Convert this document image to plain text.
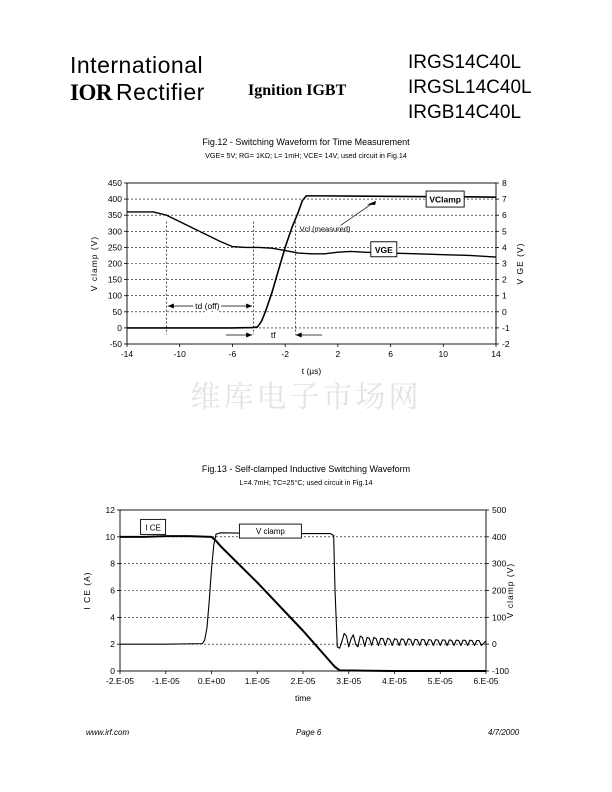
International
IOR Rectifier	Ignition IGBT
IRGS14C40L
IRGSL14C40L
IRGB14C40L
Fig.12 - Switching Waveform for Time Measurement
VGE= 5V; RG= 1KΩ; L= 1mH; VCE= 14V; used circuit in Fig.14
Fig.13 - Self-clamped Inductive Switching Waveform
L=4.7mH; TC=25°C; used circuit in Fig.14
维库电子市场网
-50
0
50
100
150
200
250
300
350
400
450
-2
-1
0
1
2
3
4
5
6
7
8
-14	-10	-6	-2	2	6	10	14
t (µs)
V clamp (V)	V GE (V)
td (off)
tf
Vcl (measured)
VClamp
VGE
0
2
4
6
8
10
12
-100
0
100
200
300
400
500
-2.E-05 -1.E-05 0.E+00 1.E-05 2.E-05 3.E-05 4.E-05 5.E-05 6.E-05
time
I CE (A)	V clamp (V)
I CE	V clamp
www.irf.com	Page 6	4/7/2000
